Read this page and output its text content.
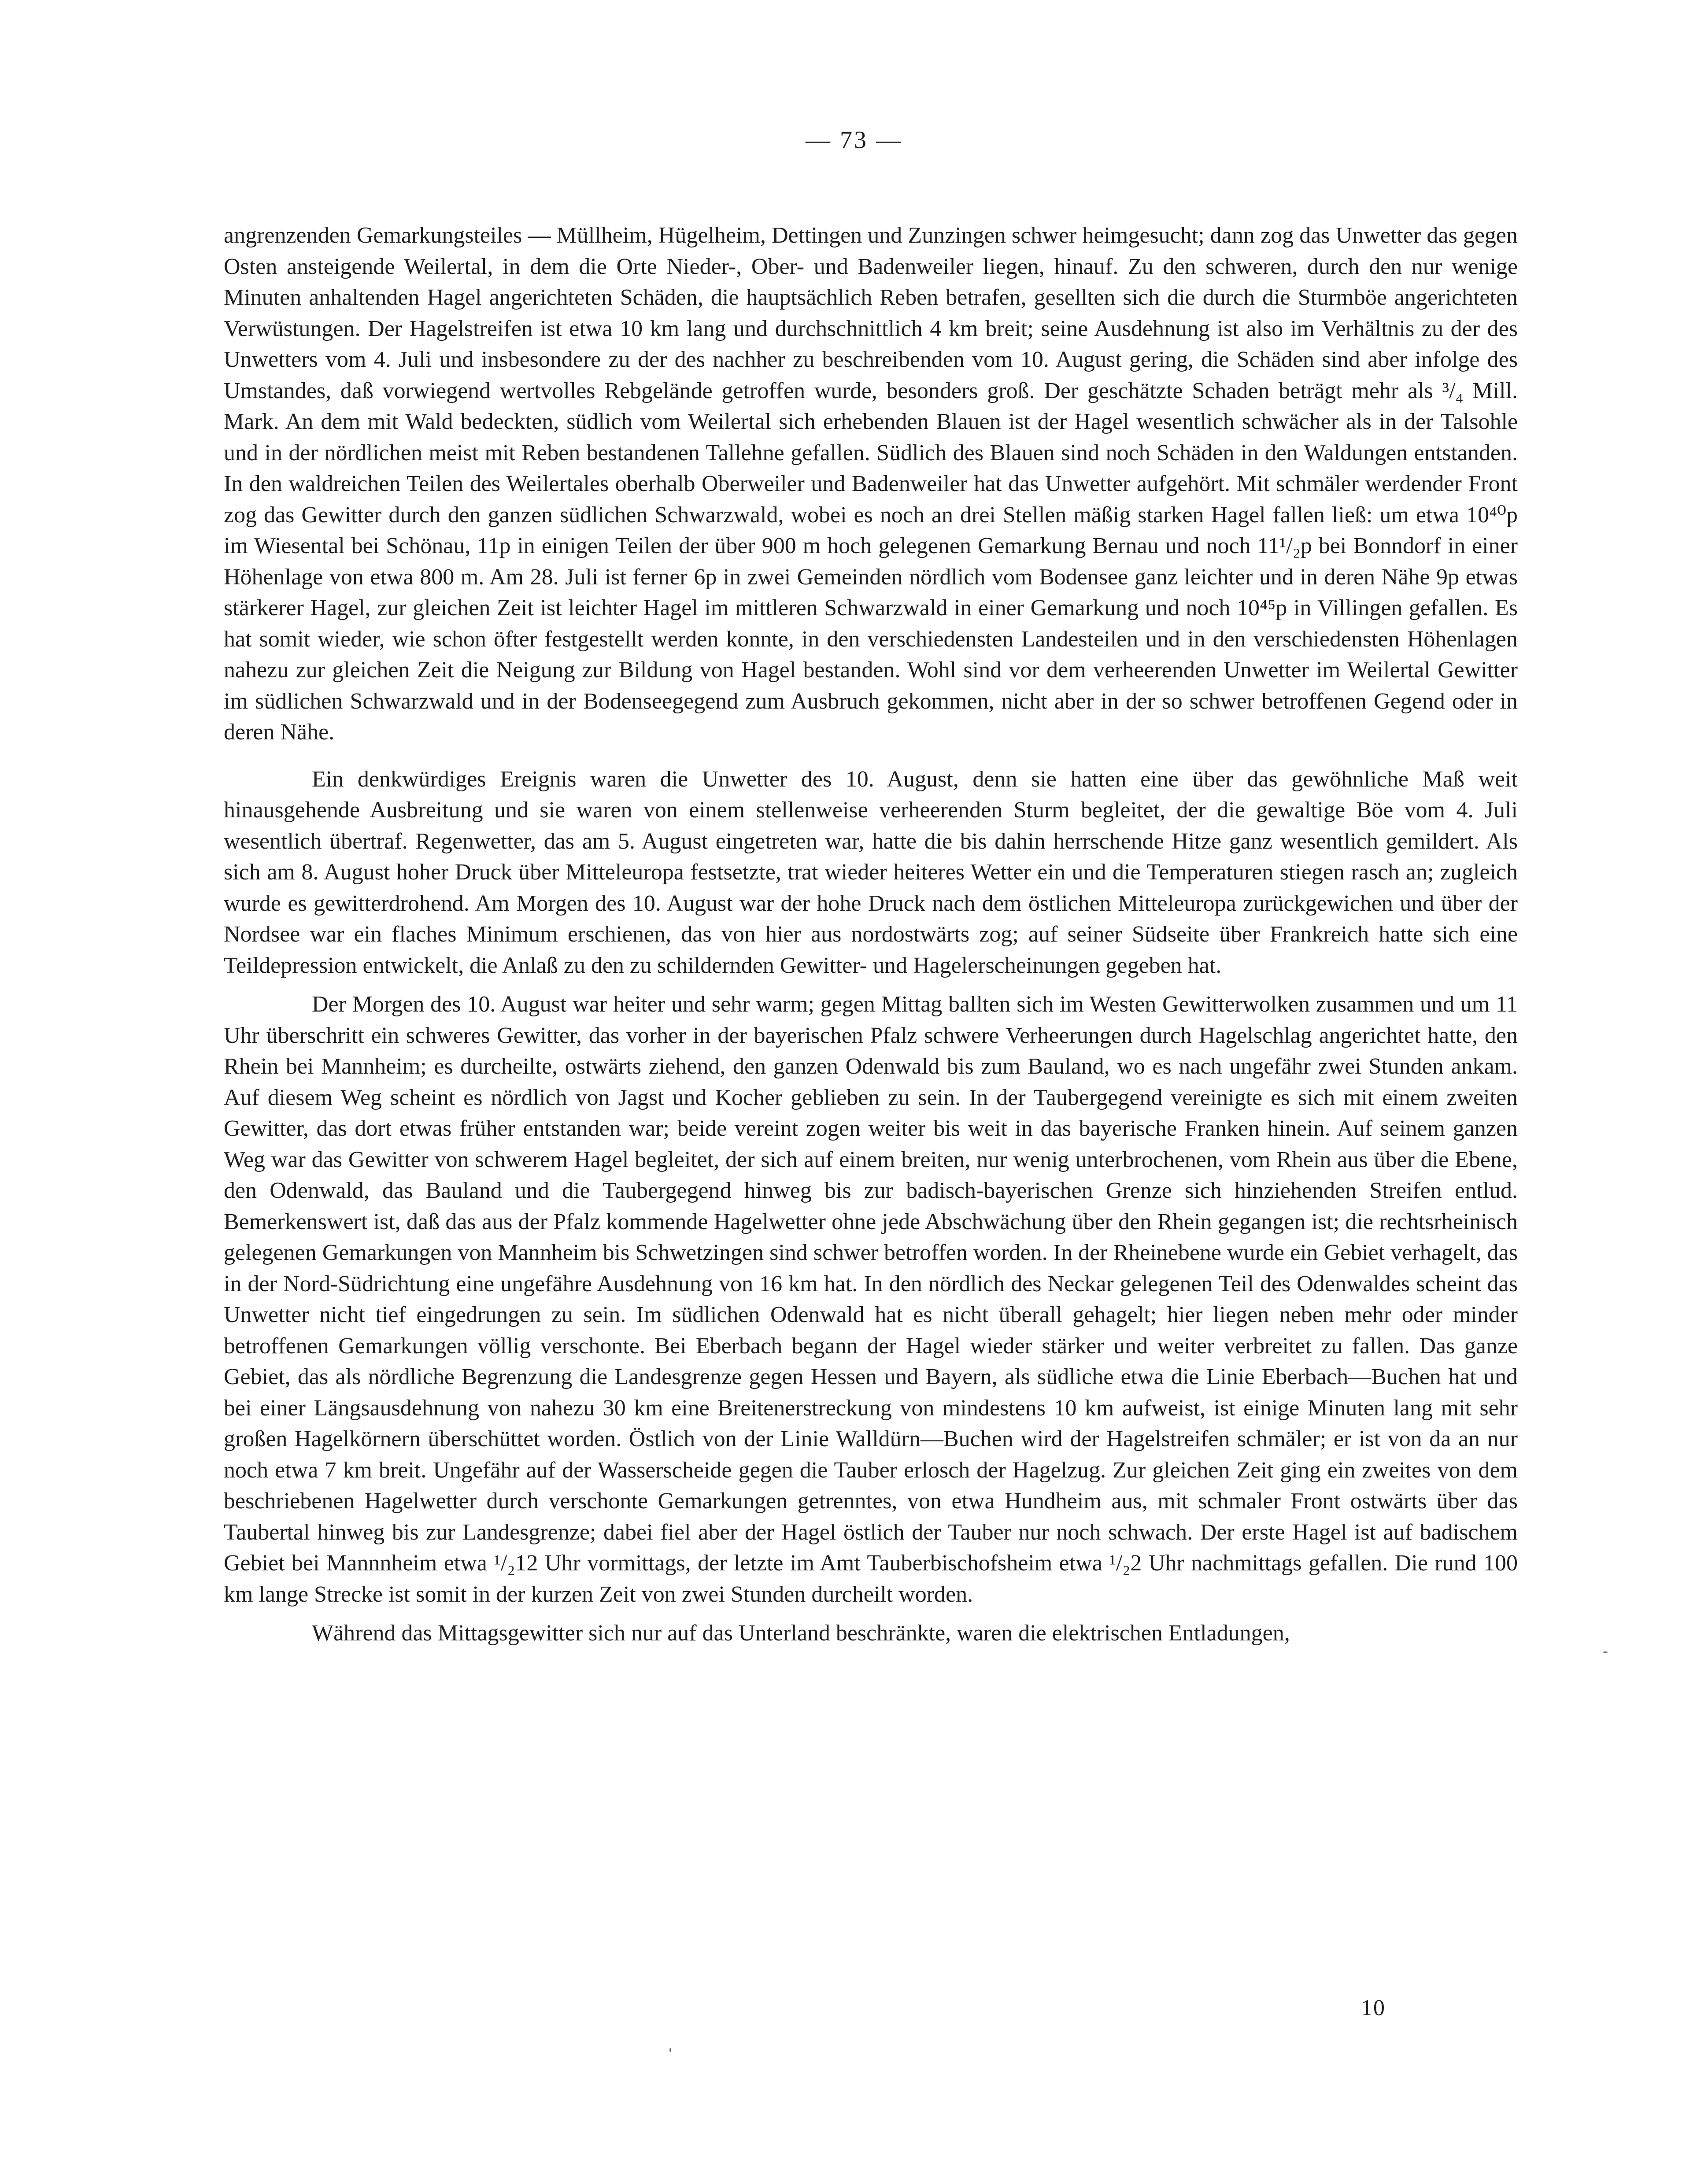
— 73 —

angrenzenden Gemarkungsteiles — Müllheim, Hügelheim, Dettingen und Zunzingen schwer heimgesucht; dann zog das Unwetter das gegen Osten ansteigende Weilertal, in dem die Orte Nieder-, Ober- und Badenweiler liegen, hinauf. Zu den schweren, durch den nur wenige Minuten anhaltenden Hagel angerichteten Schäden, die hauptsächlich Reben betrafen, gesellten sich die durch die Sturmböe angerichteten Verwüstungen. Der Hagelstreifen ist etwa 10 km lang und durchschnittlich 4 km breit; seine Ausdehnung ist also im Verhältnis zu der des Unwetters vom 4. Juli und insbesondere zu der des nachher zu beschreibenden vom 10. August gering, die Schäden sind aber infolge des Umstandes, daß vorwiegend wertvolles Rebgelände getroffen wurde, besonders groß. Der geschätzte Schaden beträgt mehr als ³/₄ Mill. Mark. An dem mit Wald bedeckten, südlich vom Weilertal sich erhebenden Blauen ist der Hagel wesentlich schwächer als in der Talsohle und in der nördlichen meist mit Reben bestandenen Tallehne gefallen. Südlich des Blauen sind noch Schäden in den Waldungen entstanden. In den waldreichen Teilen des Weilertales oberhalb Oberweiler und Badenweiler hat das Unwetter aufgehört. Mit schmäler werdender Front zog das Gewitter durch den ganzen südlichen Schwarzwald, wobei es noch an drei Stellen mäßig starken Hagel fallen ließ: um etwa 10⁴⁰p im Wiesental bei Schönau, 11p in einigen Teilen der über 900 m hoch gelegenen Gemarkung Bernau und noch 11¹/₂p bei Bonndorf in einer Höhenlage von etwa 800 m. Am 28. Juli ist ferner 6p in zwei Gemeinden nördlich vom Bodensee ganz leichter und in deren Nähe 9p etwas stärkerer Hagel, zur gleichen Zeit ist leichter Hagel im mittleren Schwarzwald in einer Gemarkung und noch 10⁴⁵p in Villingen gefallen. Es hat somit wieder, wie schon öfter festgestellt werden konnte, in den verschiedensten Landesteilen und in den verschiedensten Höhenlagen nahezu zur gleichen Zeit die Neigung zur Bildung von Hagel bestanden. Wohl sind vor dem verheerenden Unwetter im Weilertal Gewitter im südlichen Schwarzwald und in der Bodenseegegend zum Ausbruch gekommen, nicht aber in der so schwer betroffenen Gegend oder in deren Nähe.

Ein denkwürdiges Ereignis waren die Unwetter des 10. August, denn sie hatten eine über das gewöhnliche Maß weit hinausgehende Ausbreitung und sie waren von einem stellenweise verheerenden Sturm begleitet, der die gewaltige Böe vom 4. Juli wesentlich übertraf. Regenwetter, das am 5. August eingetreten war, hatte die bis dahin herrschende Hitze ganz wesentlich gemildert. Als sich am 8. August hoher Druck über Mitteleuropa festsetzte, trat wieder heiteres Wetter ein und die Temperaturen stiegen rasch an; zugleich wurde es gewitterdrohend. Am Morgen des 10. August war der hohe Druck nach dem östlichen Mitteleuropa zurückgewichen und über der Nordsee war ein flaches Minimum erschienen, das von hier aus nordostwärts zog; auf seiner Südseite über Frankreich hatte sich eine Teildepression entwickelt, die Anlaß zu den zu schildernden Gewitter- und Hagelerscheinungen gegeben hat.

Der Morgen des 10. August war heiter und sehr warm; gegen Mittag ballten sich im Westen Gewitterwolken zusammen und um 11 Uhr überschritt ein schweres Gewitter, das vorher in der bayerischen Pfalz schwere Verheerungen durch Hagelschlag angerichtet hatte, den Rhein bei Mannheim; es durcheilte, ostwärts ziehend, den ganzen Odenwald bis zum Bauland, wo es nach ungefähr zwei Stunden ankam. Auf diesem Weg scheint es nördlich von Jagst und Kocher geblieben zu sein. In der Taubergegend vereinigte es sich mit einem zweiten Gewitter, das dort etwas früher entstanden war; beide vereint zogen weiter bis weit in das bayerische Franken hinein. Auf seinem ganzen Weg war das Gewitter von schwerem Hagel begleitet, der sich auf einem breiten, nur wenig unterbrochenen, vom Rhein aus über die Ebene, den Odenwald, das Bauland und die Taubergegend hinweg bis zur badisch-bayerischen Grenze sich hinziehenden Streifen entlud. Bemerkenswert ist, daß das aus der Pfalz kommende Hagelwetter ohne jede Abschwächung über den Rhein gegangen ist; die rechtsrheinisch gelegenen Gemarkungen von Mannheim bis Schwetzingen sind schwer betroffen worden. In der Rheinebene wurde ein Gebiet verhagelt, das in der Nord-Südrichtung eine ungefähre Ausdehnung von 16 km hat. In den nördlich des Neckar gelegenen Teil des Odenwaldes scheint das Unwetter nicht tief eingedrungen zu sein. Im südlichen Odenwald hat es nicht überall gehagelt; hier liegen neben mehr oder minder betroffenen Gemarkungen völlig verschonte. Bei Eberbach begann der Hagel wieder stärker und weiter verbreitet zu fallen. Das ganze Gebiet, das als nördliche Begrenzung die Landesgrenze gegen Hessen und Bayern, als südliche etwa die Linie Eberbach—Buchen hat und bei einer Längsausdehnung von nahezu 30 km eine Breitenerstreckung von mindestens 10 km aufweist, ist einige Minuten lang mit sehr großen Hagelkörnern überschüttet worden. Östlich von der Linie Walldürn—Buchen wird der Hagelstreifen schmäler; er ist von da an nur noch etwa 7 km breit. Ungefähr auf der Wasserscheide gegen die Tauber erlosch der Hagelzug. Zur gleichen Zeit ging ein zweites von dem beschriebenen Hagelwetter durch verschonte Gemarkungen getrenntes, von etwa Hundheim aus, mit schmaler Front ostwärts über das Taubertal hinweg bis zur Landesgrenze; dabei fiel aber der Hagel östlich der Tauber nur noch schwach. Der erste Hagel ist auf badischem Gebiet bei Mannnheim etwa ¹/₂12 Uhr vormittags, der letzte im Amt Tauberbischofsheim etwa ¹/₂2 Uhr nachmittags gefallen. Die rund 100 km lange Strecke ist somit in der kurzen Zeit von zwei Stunden durcheilt worden.

Während das Mittagsgewitter sich nur auf das Unterland beschränkte, waren die elektrischen Entladungen,

10
